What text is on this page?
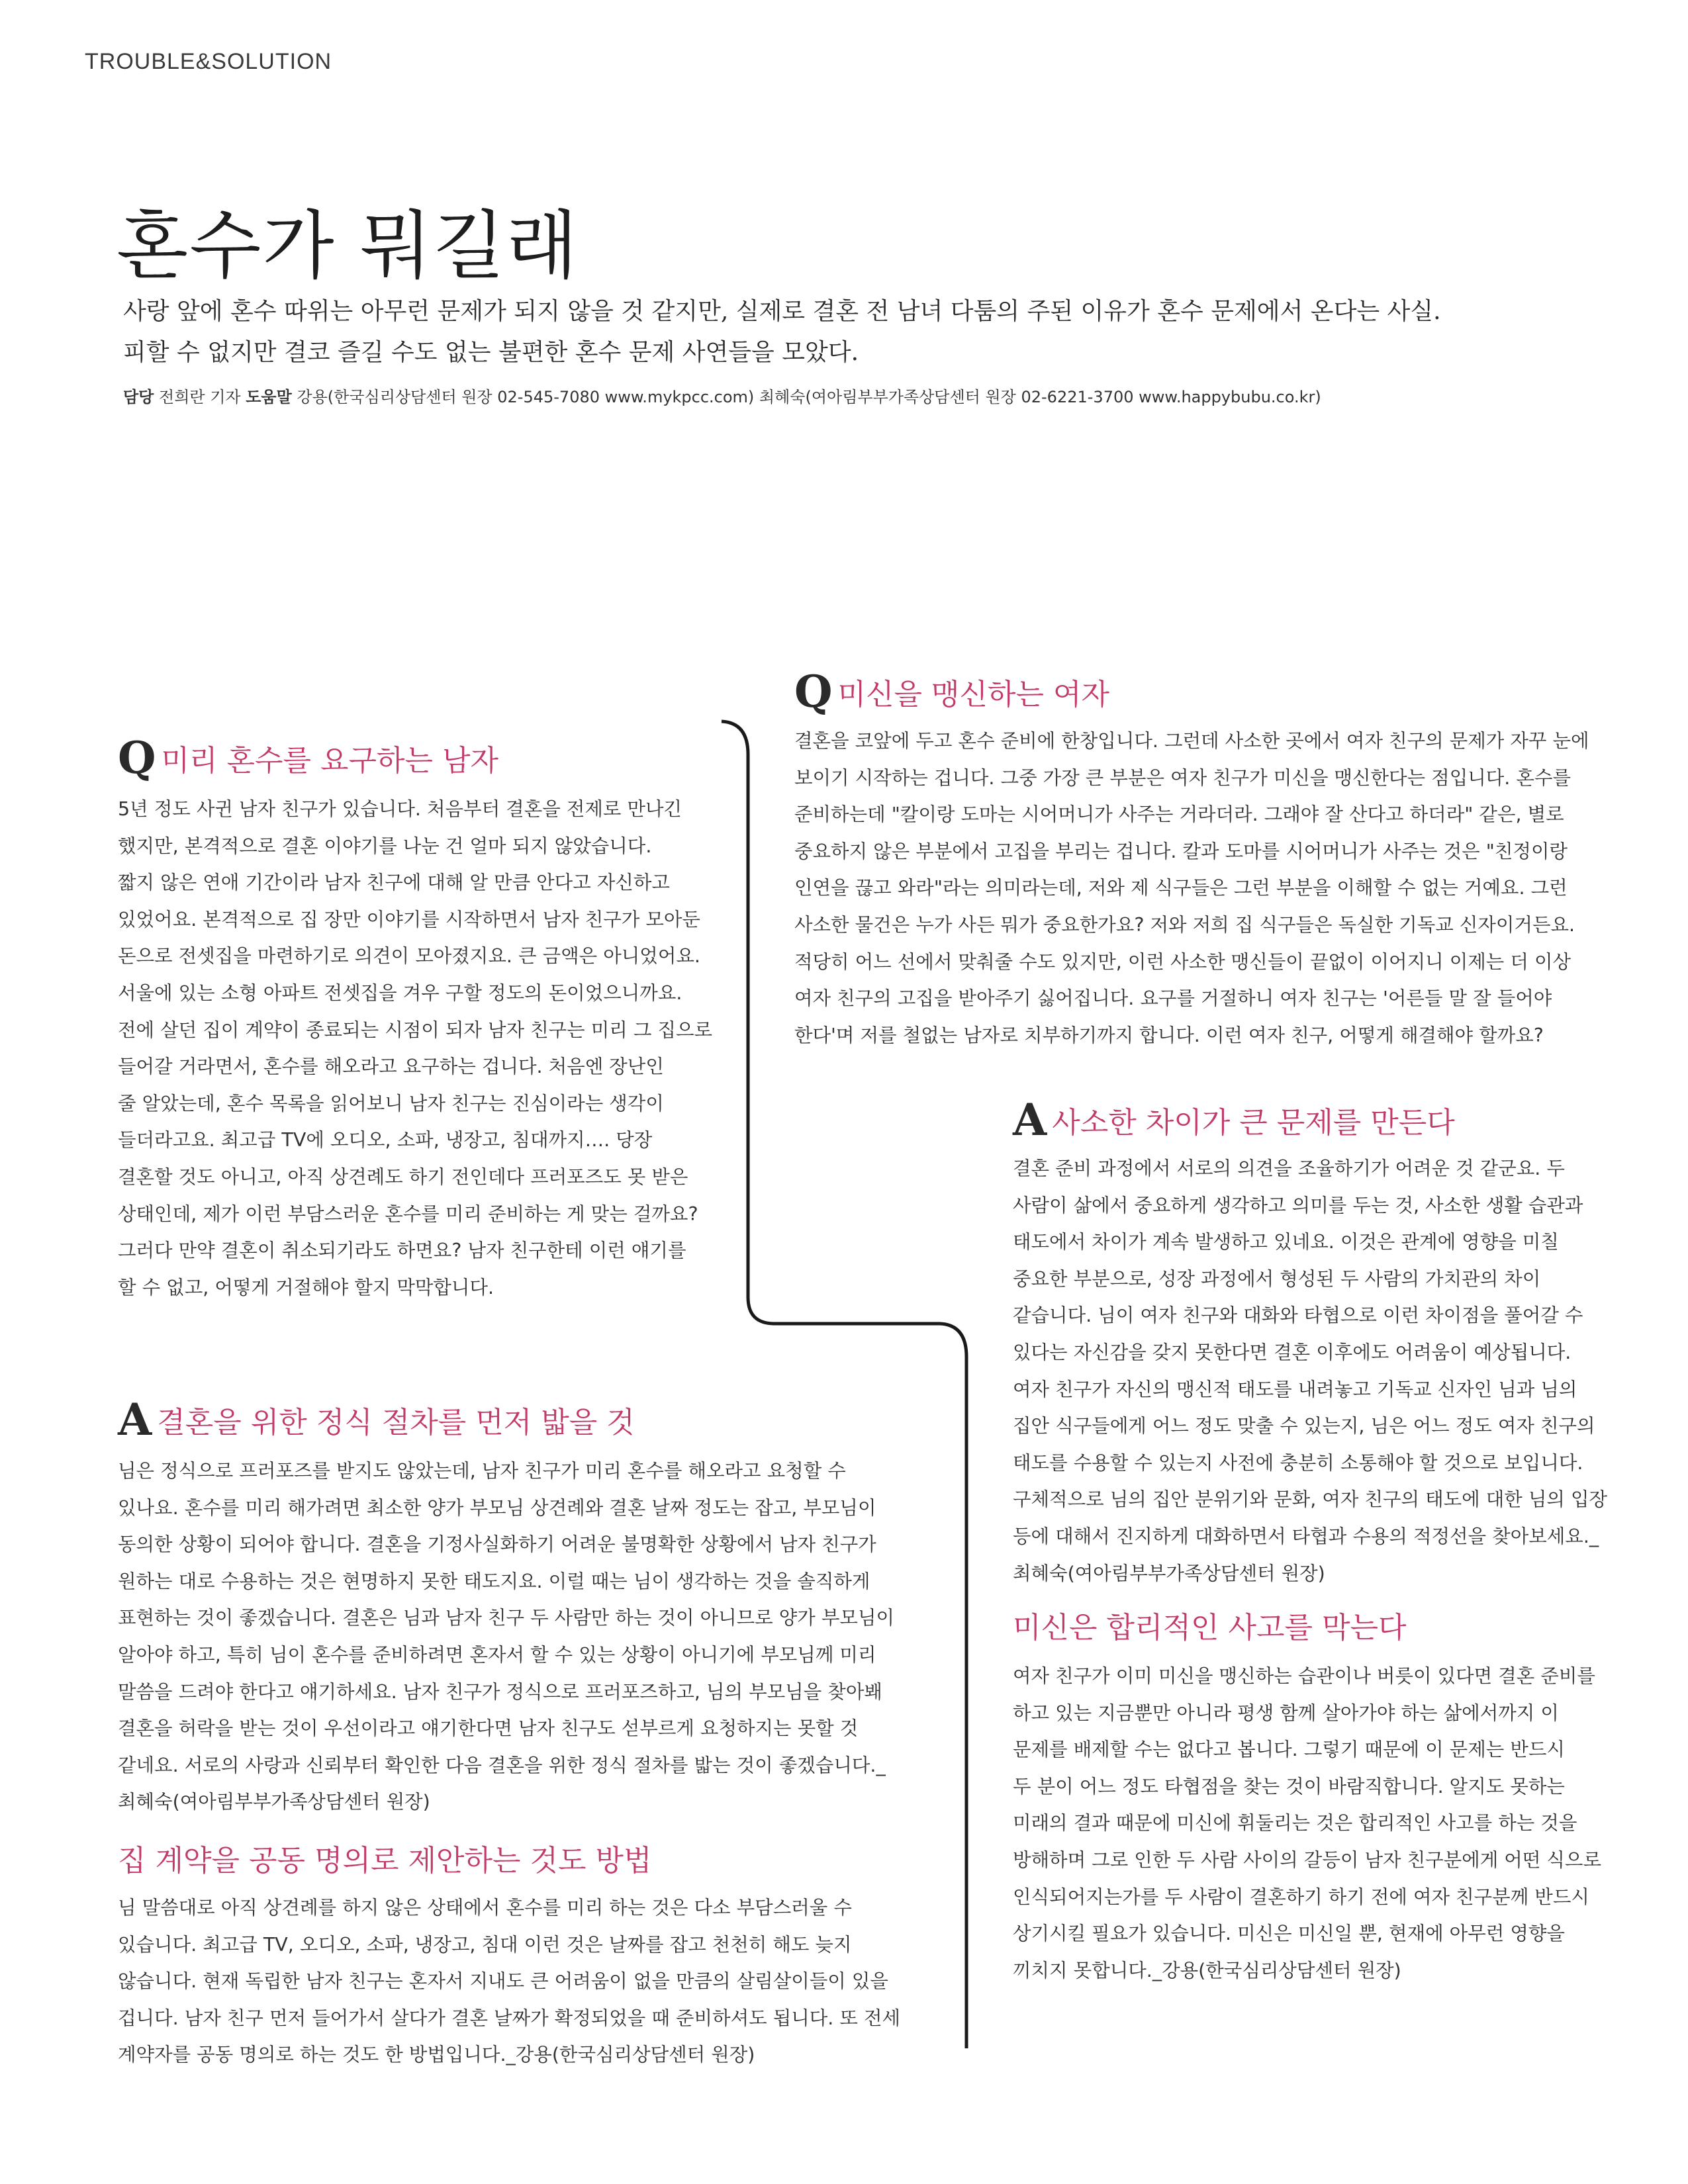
TROUBLE&SOLUTION
혼수가 뭐길래

사랑 앞에 혼수 따위는 아무런 문제가 되지 않을 것 같지만, 실제로 결혼 전 남녀 다툼의 주된 이유가 혼수 문제에서 온다는 사실.

피할 수 없지만 결코 즐길 수도 없는 불편한 혼수 문제 사연들을 모았다.

담당 전희란 기자 도움말 강용(한국심리상담센터 원장 02-545-7080 www.mykpcc.com) 최혜숙(여아림부부가족상담센터 원장 02-6221-3700 www.happybubu.co.kr)
Q미리 혼수를 요구하는 남자

5년 정도 사귄 남자 친구가 있습니다. 처음부터 결혼을 전제로 만나긴

했지만, 본격적으로 결혼 이야기를 나눈 건 얼마 되지 않았습니다.

짧지 않은 연애 기간이라 남자 친구에 대해 알 만큼 안다고 자신하고

있었어요. 본격적으로 집 장만 이야기를 시작하면서 남자 친구가 모아둔

돈으로 전셋집을 마련하기로 의견이 모아졌지요. 큰 금액은 아니었어요.

서울에 있는 소형 아파트 전셋집을 겨우 구할 정도의 돈이었으니까요.

전에 살던 집이 계약이 종료되는 시점이 되자 남자 친구는 미리 그 집으로

들어갈 거라면서, 혼수를 해오라고 요구하는 겁니다. 처음엔 장난인

줄 알았는데, 혼수 목록을 읽어보니 남자 친구는 진심이라는 생각이

들더라고요. 최고급 TV에 오디오, 소파, 냉장고, 침대까지…. 당장

결혼할 것도 아니고, 아직 상견례도 하기 전인데다 프러포즈도 못 받은

상태인데, 제가 이런 부담스러운 혼수를 미리 준비하는 게 맞는 걸까요?

그러다 만약 결혼이 취소되기라도 하면요? 남자 친구한테 이런 얘기를

할 수 없고, 어떻게 거절해야 할지 막막합니다.

A결혼을 위한 정식 절차를 먼저 밟을 것

님은 정식으로 프러포즈를 받지도 않았는데, 남자 친구가 미리 혼수를 해오라고 요청할 수

있나요. 혼수를 미리 해가려면 최소한 양가 부모님 상견례와 결혼 날짜 정도는 잡고, 부모님이

동의한 상황이 되어야 합니다. 결혼을 기정사실화하기 어려운 불명확한 상황에서 남자 친구가

원하는 대로 수용하는 것은 현명하지 못한 태도지요. 이럴 때는 님이 생각하는 것을 솔직하게

표현하는 것이 좋겠습니다. 결혼은 님과 남자 친구 두 사람만 하는 것이 아니므로 양가 부모님이

알아야 하고, 특히 님이 혼수를 준비하려면 혼자서 할 수 있는 상황이 아니기에 부모님께 미리

말씀을 드려야 한다고 얘기하세요. 남자 친구가 정식으로 프러포즈하고, 님의 부모님을 찾아봬

결혼을 허락을 받는 것이 우선이라고 얘기한다면 남자 친구도 섣부르게 요청하지는 못할 것

같네요. 서로의 사랑과 신뢰부터 확인한 다음 결혼을 위한 정식 절차를 밟는 것이 좋겠습니다._

최혜숙(여아림부부가족상담센터 원장)

집 계약을 공동 명의로 제안하는 것도 방법

님 말씀대로 아직 상견례를 하지 않은 상태에서 혼수를 미리 하는 것은 다소 부담스러울 수

있습니다. 최고급 TV, 오디오, 소파, 냉장고, 침대 이런 것은 날짜를 잡고 천천히 해도 늦지

않습니다. 현재 독립한 남자 친구는 혼자서 지내도 큰 어려움이 없을 만큼의 살림살이들이 있을

겁니다. 남자 친구 먼저 들어가서 살다가 결혼 날짜가 확정되었을 때 준비하셔도 됩니다. 또 전세

계약자를 공동 명의로 하는 것도 한 방법입니다._강용(한국심리상담센터 원장)

Q미신을 맹신하는 여자

결혼을 코앞에 두고 혼수 준비에 한창입니다. 그런데 사소한 곳에서 여자 친구의 문제가 자꾸 눈에

보이기 시작하는 겁니다. 그중 가장 큰 부분은 여자 친구가 미신을 맹신한다는 점입니다. 혼수를

준비하는데 "칼이랑 도마는 시어머니가 사주는 거라더라. 그래야 잘 산다고 하더라" 같은, 별로

중요하지 않은 부분에서 고집을 부리는 겁니다. 칼과 도마를 시어머니가 사주는 것은 "친정이랑

인연을 끊고 와라"라는 의미라는데, 저와 제 식구들은 그런 부분을 이해할 수 없는 거예요. 그런

사소한 물건은 누가 사든 뭐가 중요한가요? 저와 저희 집 식구들은 독실한 기독교 신자이거든요.

적당히 어느 선에서 맞춰줄 수도 있지만, 이런 사소한 맹신들이 끝없이 이어지니 이제는 더 이상

여자 친구의 고집을 받아주기 싫어집니다. 요구를 거절하니 여자 친구는 '어른들 말 잘 들어야

한다'며 저를 철없는 남자로 치부하기까지 합니다. 이런 여자 친구, 어떻게 해결해야 할까요?

A사소한 차이가 큰 문제를 만든다

결혼 준비 과정에서 서로의 의견을 조율하기가 어려운 것 같군요. 두

사람이 삶에서 중요하게 생각하고 의미를 두는 것, 사소한 생활 습관과

태도에서 차이가 계속 발생하고 있네요. 이것은 관계에 영향을 미칠

중요한 부분으로, 성장 과정에서 형성된 두 사람의 가치관의 차이

같습니다. 님이 여자 친구와 대화와 타협으로 이런 차이점을 풀어갈 수

있다는 자신감을 갖지 못한다면 결혼 이후에도 어려움이 예상됩니다.

여자 친구가 자신의 맹신적 태도를 내려놓고 기독교 신자인 님과 님의

집안 식구들에게 어느 정도 맞출 수 있는지, 님은 어느 정도 여자 친구의

태도를 수용할 수 있는지 사전에 충분히 소통해야 할 것으로 보입니다.

구체적으로 님의 집안 분위기와 문화, 여자 친구의 태도에 대한 님의 입장

등에 대해서 진지하게 대화하면서 타협과 수용의 적정선을 찾아보세요._

최혜숙(여아림부부가족상담센터 원장)

미신은 합리적인 사고를 막는다

여자 친구가 이미 미신을 맹신하는 습관이나 버릇이 있다면 결혼 준비를

하고 있는 지금뿐만 아니라 평생 함께 살아가야 하는 삶에서까지 이

문제를 배제할 수는 없다고 봅니다. 그렇기 때문에 이 문제는 반드시

두 분이 어느 정도 타협점을 찾는 것이 바람직합니다. 알지도 못하는

미래의 결과 때문에 미신에 휘둘리는 것은 합리적인 사고를 하는 것을

방해하며 그로 인한 두 사람 사이의 갈등이 남자 친구분에게 어떤 식으로

인식되어지는가를 두 사람이 결혼하기 하기 전에 여자 친구분께 반드시

상기시킬 필요가 있습니다. 미신은 미신일 뿐, 현재에 아무런 영향을

끼치지 못합니다._강용(한국심리상담센터 원장)
